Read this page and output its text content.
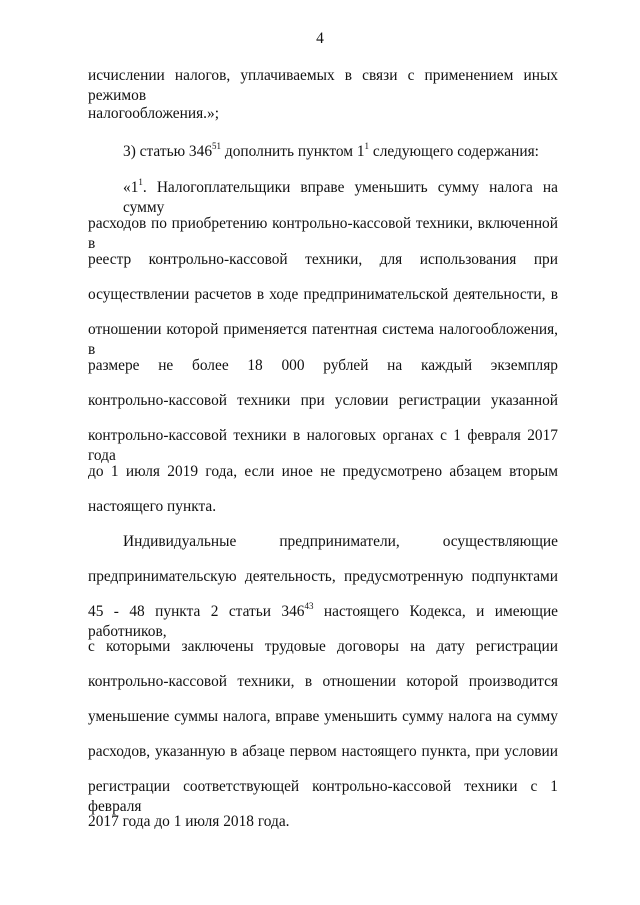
4
исчислении налогов, уплачиваемых в связи с применением иных режимов
налогообложения.»;
3) статью $346^{51}$ дополнить пунктом $1^1$ следующего содержания:
«$1^1$. Налогоплательщики вправе уменьшить сумму налога на сумму
расходов по приобретению контрольно-кассовой техники, включенной в
реестр контрольно-кассовой техники, для использования при
осуществлении расчетов в ходе предпринимательской деятельности, в
отношении которой применяется патентная система налогообложения, в
размере не более 18 000 рублей на каждый экземпляр
контрольно-кассовой техники при условии регистрации указанной
контрольно-кассовой техники в налоговых органах с 1 февраля 2017 года
до 1 июля 2019 года, если иное не предусмотрено абзацем вторым
настоящего пункта.
Индивидуальные предприниматели, осуществляющие
предпринимательскую деятельность, предусмотренную подпунктами
45 - 48 пункта 2 статьи $346^{43}$ настоящего Кодекса, и имеющие работников,
с которыми заключены трудовые договоры на дату регистрации
контрольно-кассовой техники, в отношении которой производится
уменьшение суммы налога, вправе уменьшить сумму налога на сумму
расходов, указанную в абзаце первом настоящего пункта, при условии
регистрации соответствующей контрольно-кассовой техники с 1 февраля
2017 года до 1 июля 2018 года.
